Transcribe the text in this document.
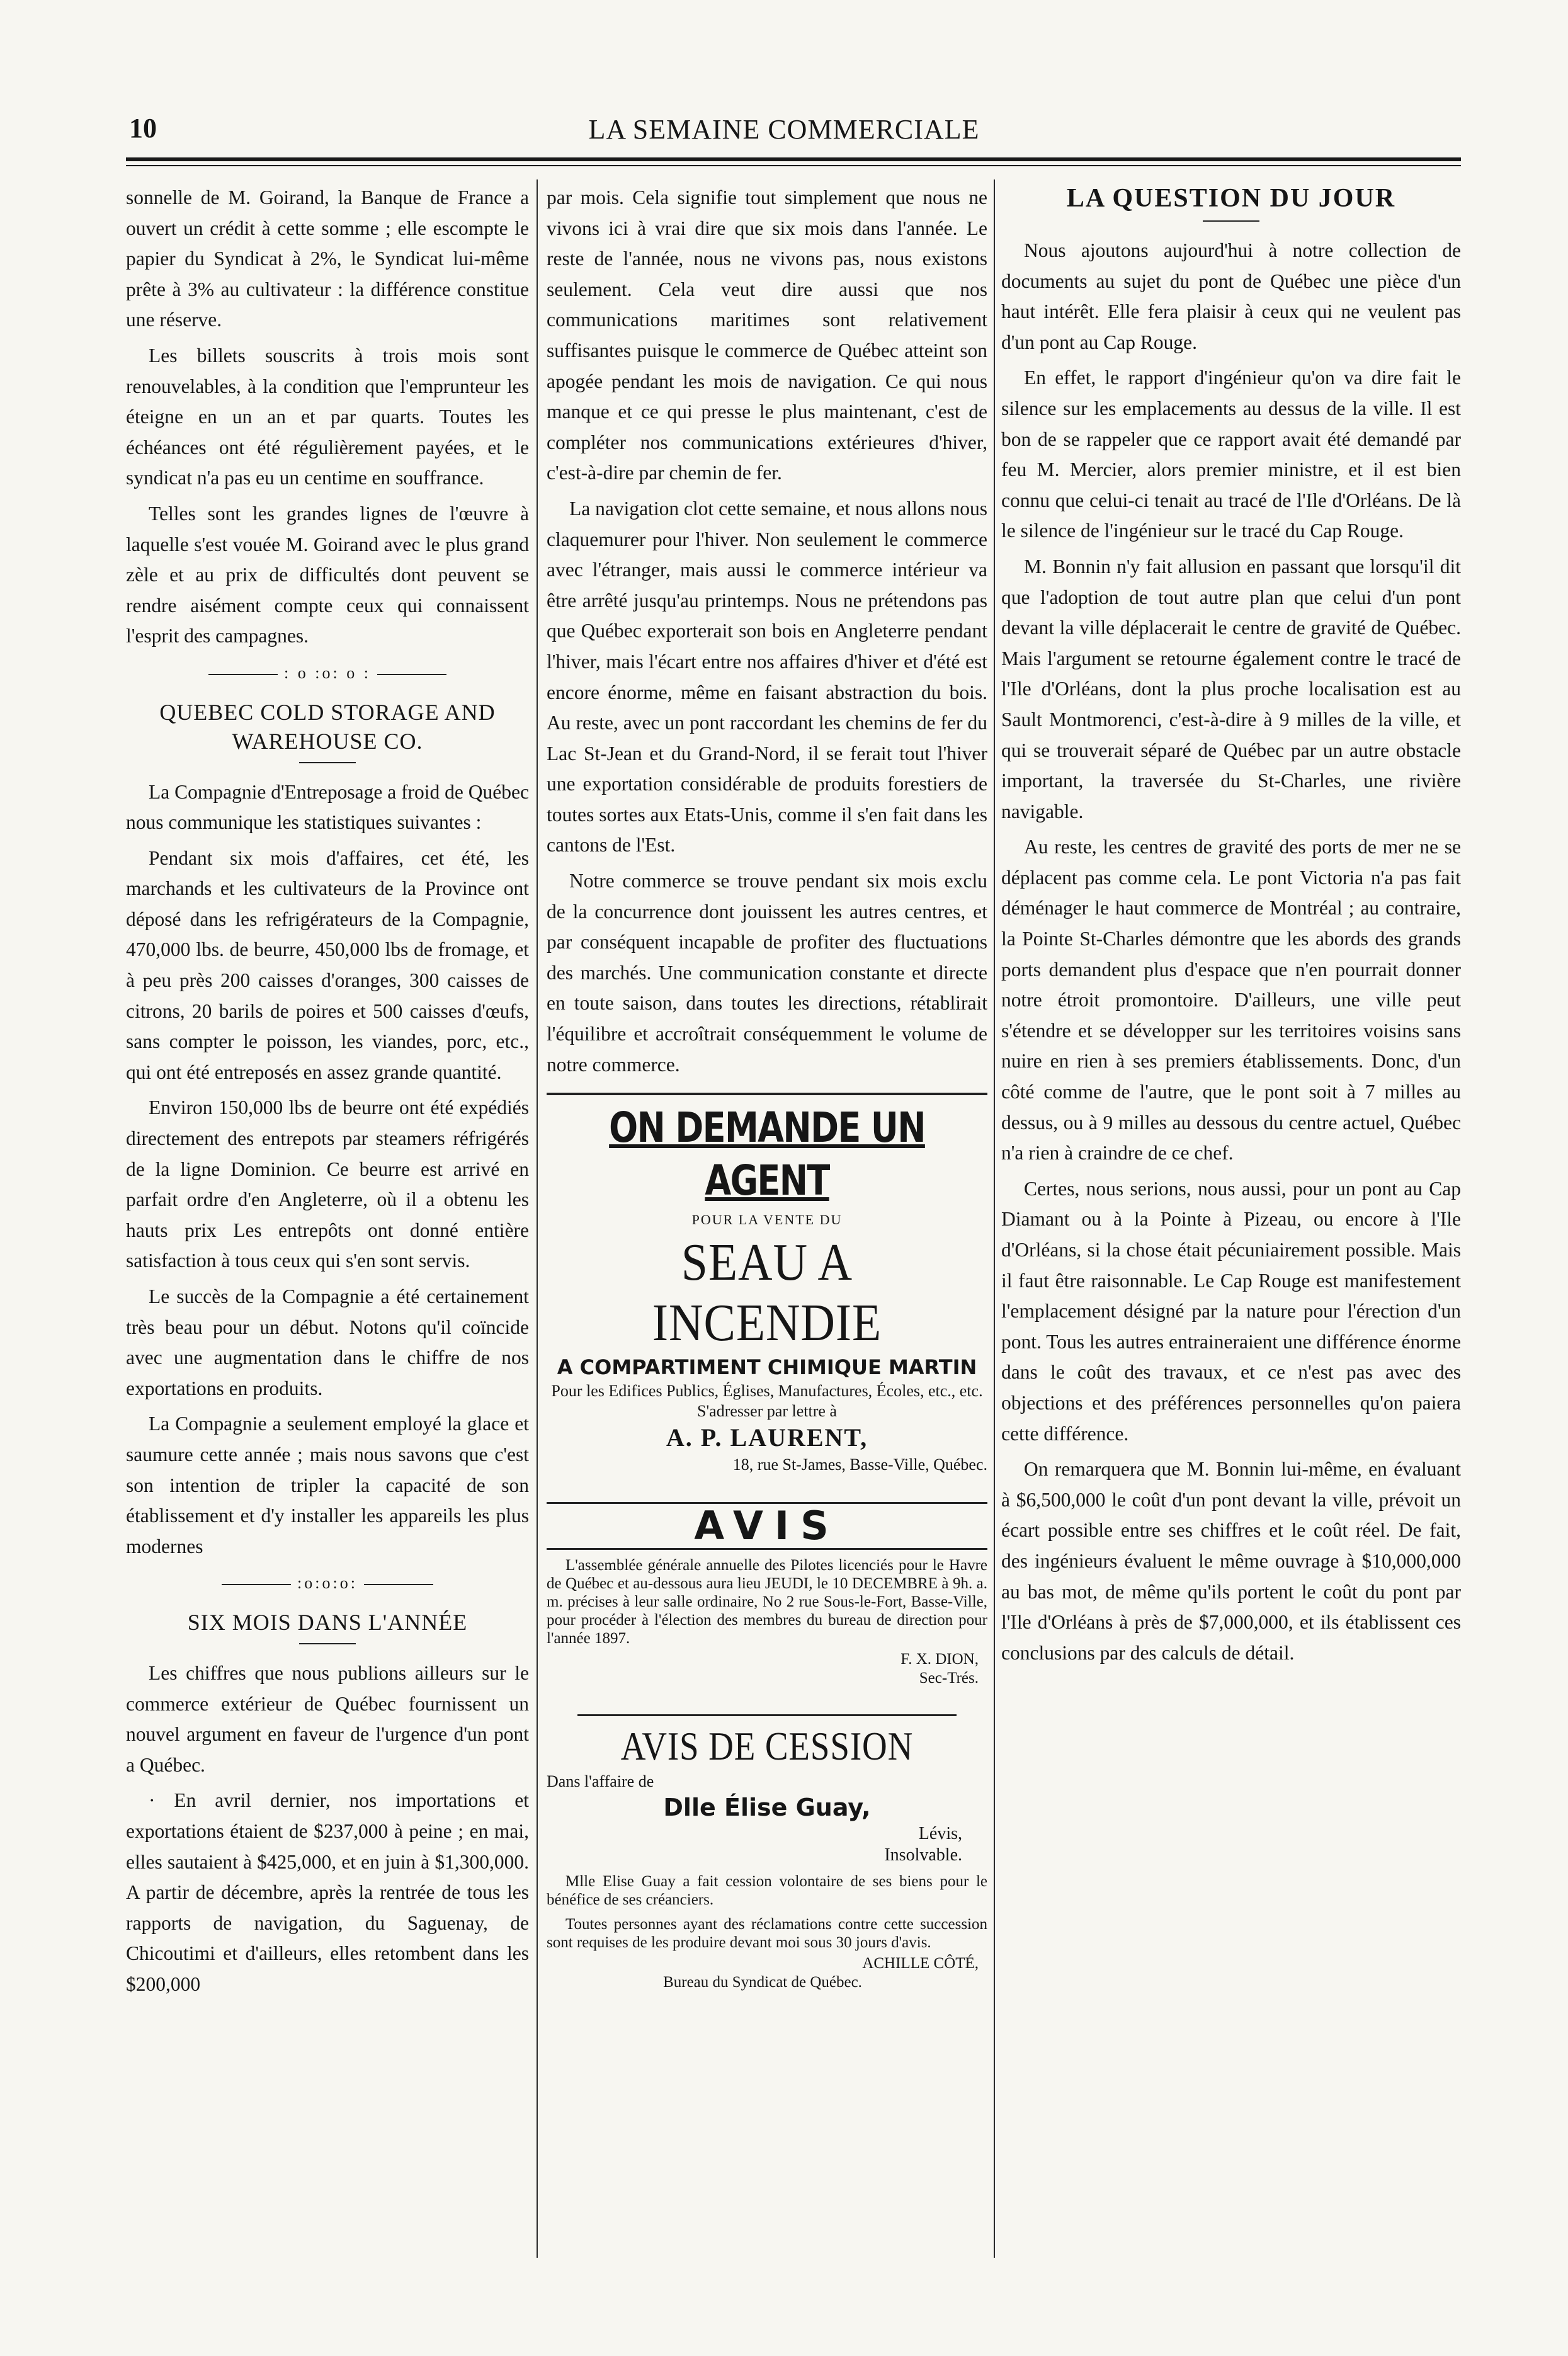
10	LA SEMAINE COMMERCIALE

sonnelle de M. Goirand, la Banque de France a ouvert un crédit à cette somme ; elle escompte le papier du Syndicat à 2%, le Syndicat lui-même prête à 3% au cultivateur : la différence constitue une réserve.

Les billets souscrits à trois mois sont renouvelables, à la condition que l'emprunteur les éteigne en un an et par quarts. Toutes les échéances ont été régulièrement payées, et le syndicat n'a pas eu un centime en souffrance.

Telles sont les grandes lignes de l'œuvre à laquelle s'est vouée M. Goirand avec le plus grand zèle et au prix de difficultés dont peuvent se rendre aisément compte ceux qui connaissent l'esprit des campagnes.

: o :o: o :
QUEBEC COLD STORAGE AND WAREHOUSE CO.

La Compagnie d'Entreposage a froid de Québec nous communique les statistiques suivantes :

Pendant six mois d'affaires, cet été, les marchands et les cultivateurs de la Province ont déposé dans les refrigérateurs de la Compagnie, 470,000 lbs. de beurre, 450,000 lbs de fromage, et à peu près 200 caisses d'oranges, 300 caisses de citrons, 20 barils de poires et 500 caisses d'œufs, sans compter le poisson, les viandes, porc, etc., qui ont été entreposés en assez grande quantité.

Environ 150,000 lbs de beurre ont été expédiés directement des entrepots par steamers réfrigérés de la ligne Dominion. Ce beurre est arrivé en parfait ordre d'en Angleterre, où il a obtenu les hauts prix Les entrepôts ont donné entière satisfaction à tous ceux qui s'en sont servis.

Le succès de la Compagnie a été certainement très beau pour un début. Notons qu'il coïncide avec une augmentation dans le chiffre de nos exportations en produits.

La Compagnie a seulement employé la glace et saumure cette année ; mais nous savons que c'est son intention de tripler la capacité de son établissement et d'y installer les appareils les plus modernes

:o:o:o:
SIX MOIS DANS L'ANNÉE

Les chiffres que nous publions ailleurs sur le commerce extérieur de Québec fournissent un nouvel argument en faveur de l'urgence d'un pont a Québec.

· En avril dernier, nos importations et exportations étaient de $237,000 à peine ; en mai, elles sautaient à $425,000, et en juin à $1,300,000. A partir de décembre, après la rentrée de tous les rapports de navigation, du Saguenay, de Chicoutimi et d'ailleurs, elles retombent dans les $200,000

par mois. Cela signifie tout simplement que nous ne vivons ici à vrai dire que six mois dans l'année. Le reste de l'année, nous ne vivons pas, nous existons seulement. Cela veut dire aussi que nos communications maritimes sont relativement suffisantes puisque le commerce de Québec atteint son apogée pendant les mois de navigation. Ce qui nous manque et ce qui presse le plus maintenant, c'est de compléter nos communications extérieures d'hiver, c'est-à-dire par chemin de fer.

La navigation clot cette semaine, et nous allons nous claquemurer pour l'hiver. Non seulement le commerce avec l'étranger, mais aussi le commerce intérieur va être arrêté jusqu'au printemps. Nous ne prétendons pas que Québec exporterait son bois en Angleterre pendant l'hiver, mais l'écart entre nos affaires d'hiver et d'été est encore énorme, même en faisant abstraction du bois. Au reste, avec un pont raccordant les chemins de fer du Lac St-Jean et du Grand-Nord, il se ferait tout l'hiver une exportation considérable de produits forestiers de toutes sortes aux Etats-Unis, comme il s'en fait dans les cantons de l'Est.

Notre commerce se trouve pendant six mois exclu de la concurrence dont jouissent les autres centres, et par conséquent incapable de profiter des fluctuations des marchés. Une communication constante et directe en toute saison, dans toutes les directions, rétablirait l'équilibre et accroîtrait conséquemment le volume de notre commerce.

ON DEMANDE UN AGENT
POUR LA VENTE DU
SEAU A INCENDIE
A COMPARTIMENT CHIMIQUE MARTIN
Pour les Edifices Publics, Églises, Manufactures, Écoles, etc., etc.
S'adresser par lettre à
A. P. LAURENT,
18, rue St-James, Basse-Ville, Québec.
AVIS
L'assemblée générale annuelle des Pilotes licenciés pour le Havre de Québec et au-dessous aura lieu JEUDI, le 10 DECEMBRE à 9h. a. m. précises à leur salle ordinaire, No 2 rue Sous-le-Fort, Basse-Ville, pour procéder à l'élection des membres du bureau de direction pour l'année 1897.
F. X. DION,
Sec-Trés.
AVIS DE CESSION
Dans l'affaire de
Dlle Élise Guay,
Lévis,
Insolvable.
Mlle Elise Guay a fait cession volontaire de ses biens pour le bénéfice de ses créanciers.
Toutes personnes ayant des réclamations contre cette succession sont requises de les produire devant moi sous 30 jours d'avis.
ACHILLE CÔTÉ,
Bureau du Syndicat de Québec.
LA QUESTION DU JOUR

Nous ajoutons aujourd'hui à notre collection de documents au sujet du pont de Québec une pièce d'un haut intérêt. Elle fera plaisir à ceux qui ne veulent pas d'un pont au Cap Rouge.

En effet, le rapport d'ingénieur qu'on va dire fait le silence sur les emplacements au dessus de la ville. Il est bon de se rappeler que ce rapport avait été demandé par feu M. Mercier, alors premier ministre, et il est bien connu que celui-ci tenait au tracé de l'Ile d'Orléans. De là le silence de l'ingénieur sur le tracé du Cap Rouge.

M. Bonnin n'y fait allusion en passant que lorsqu'il dit que l'adoption de tout autre plan que celui d'un pont devant la ville déplacerait le centre de gravité de Québec. Mais l'argument se retourne également contre le tracé de l'Ile d'Orléans, dont la plus proche localisation est au Sault Montmorenci, c'est-à-dire à 9 milles de la ville, et qui se trouverait séparé de Québec par un autre obstacle important, la traversée du St-Charles, une rivière navigable.

Au reste, les centres de gravité des ports de mer ne se déplacent pas comme cela. Le pont Victoria n'a pas fait déménager le haut commerce de Montréal ; au contraire, la Pointe St-Charles démontre que les abords des grands ports demandent plus d'espace que n'en pourrait donner notre étroit promontoire. D'ailleurs, une ville peut s'étendre et se développer sur les territoires voisins sans nuire en rien à ses premiers établissements. Donc, d'un côté comme de l'autre, que le pont soit à 7 milles au dessus, ou à 9 milles au dessous du centre actuel, Québec n'a rien à craindre de ce chef.

Certes, nous serions, nous aussi, pour un pont au Cap Diamant ou à la Pointe à Pizeau, ou encore à l'Ile d'Orléans, si la chose était pécuniairement possible. Mais il faut être raisonnable. Le Cap Rouge est manifestement l'emplacement désigné par la nature pour l'érection d'un pont. Tous les autres entraineraient une différence énorme dans le coût des travaux, et ce n'est pas avec des objections et des préférences personnelles qu'on paiera cette différence.

On remarquera que M. Bonnin lui-même, en évaluant à $6,500,000 le coût d'un pont devant la ville, prévoit un écart possible entre ses chiffres et le coût réel. De fait, des ingénieurs évaluent le même ouvrage à $10,000,000 au bas mot, de même qu'ils portent le coût du pont par l'Ile d'Orléans à près de $7,000,000, et ils établissent ces conclusions par des calculs de détail.
